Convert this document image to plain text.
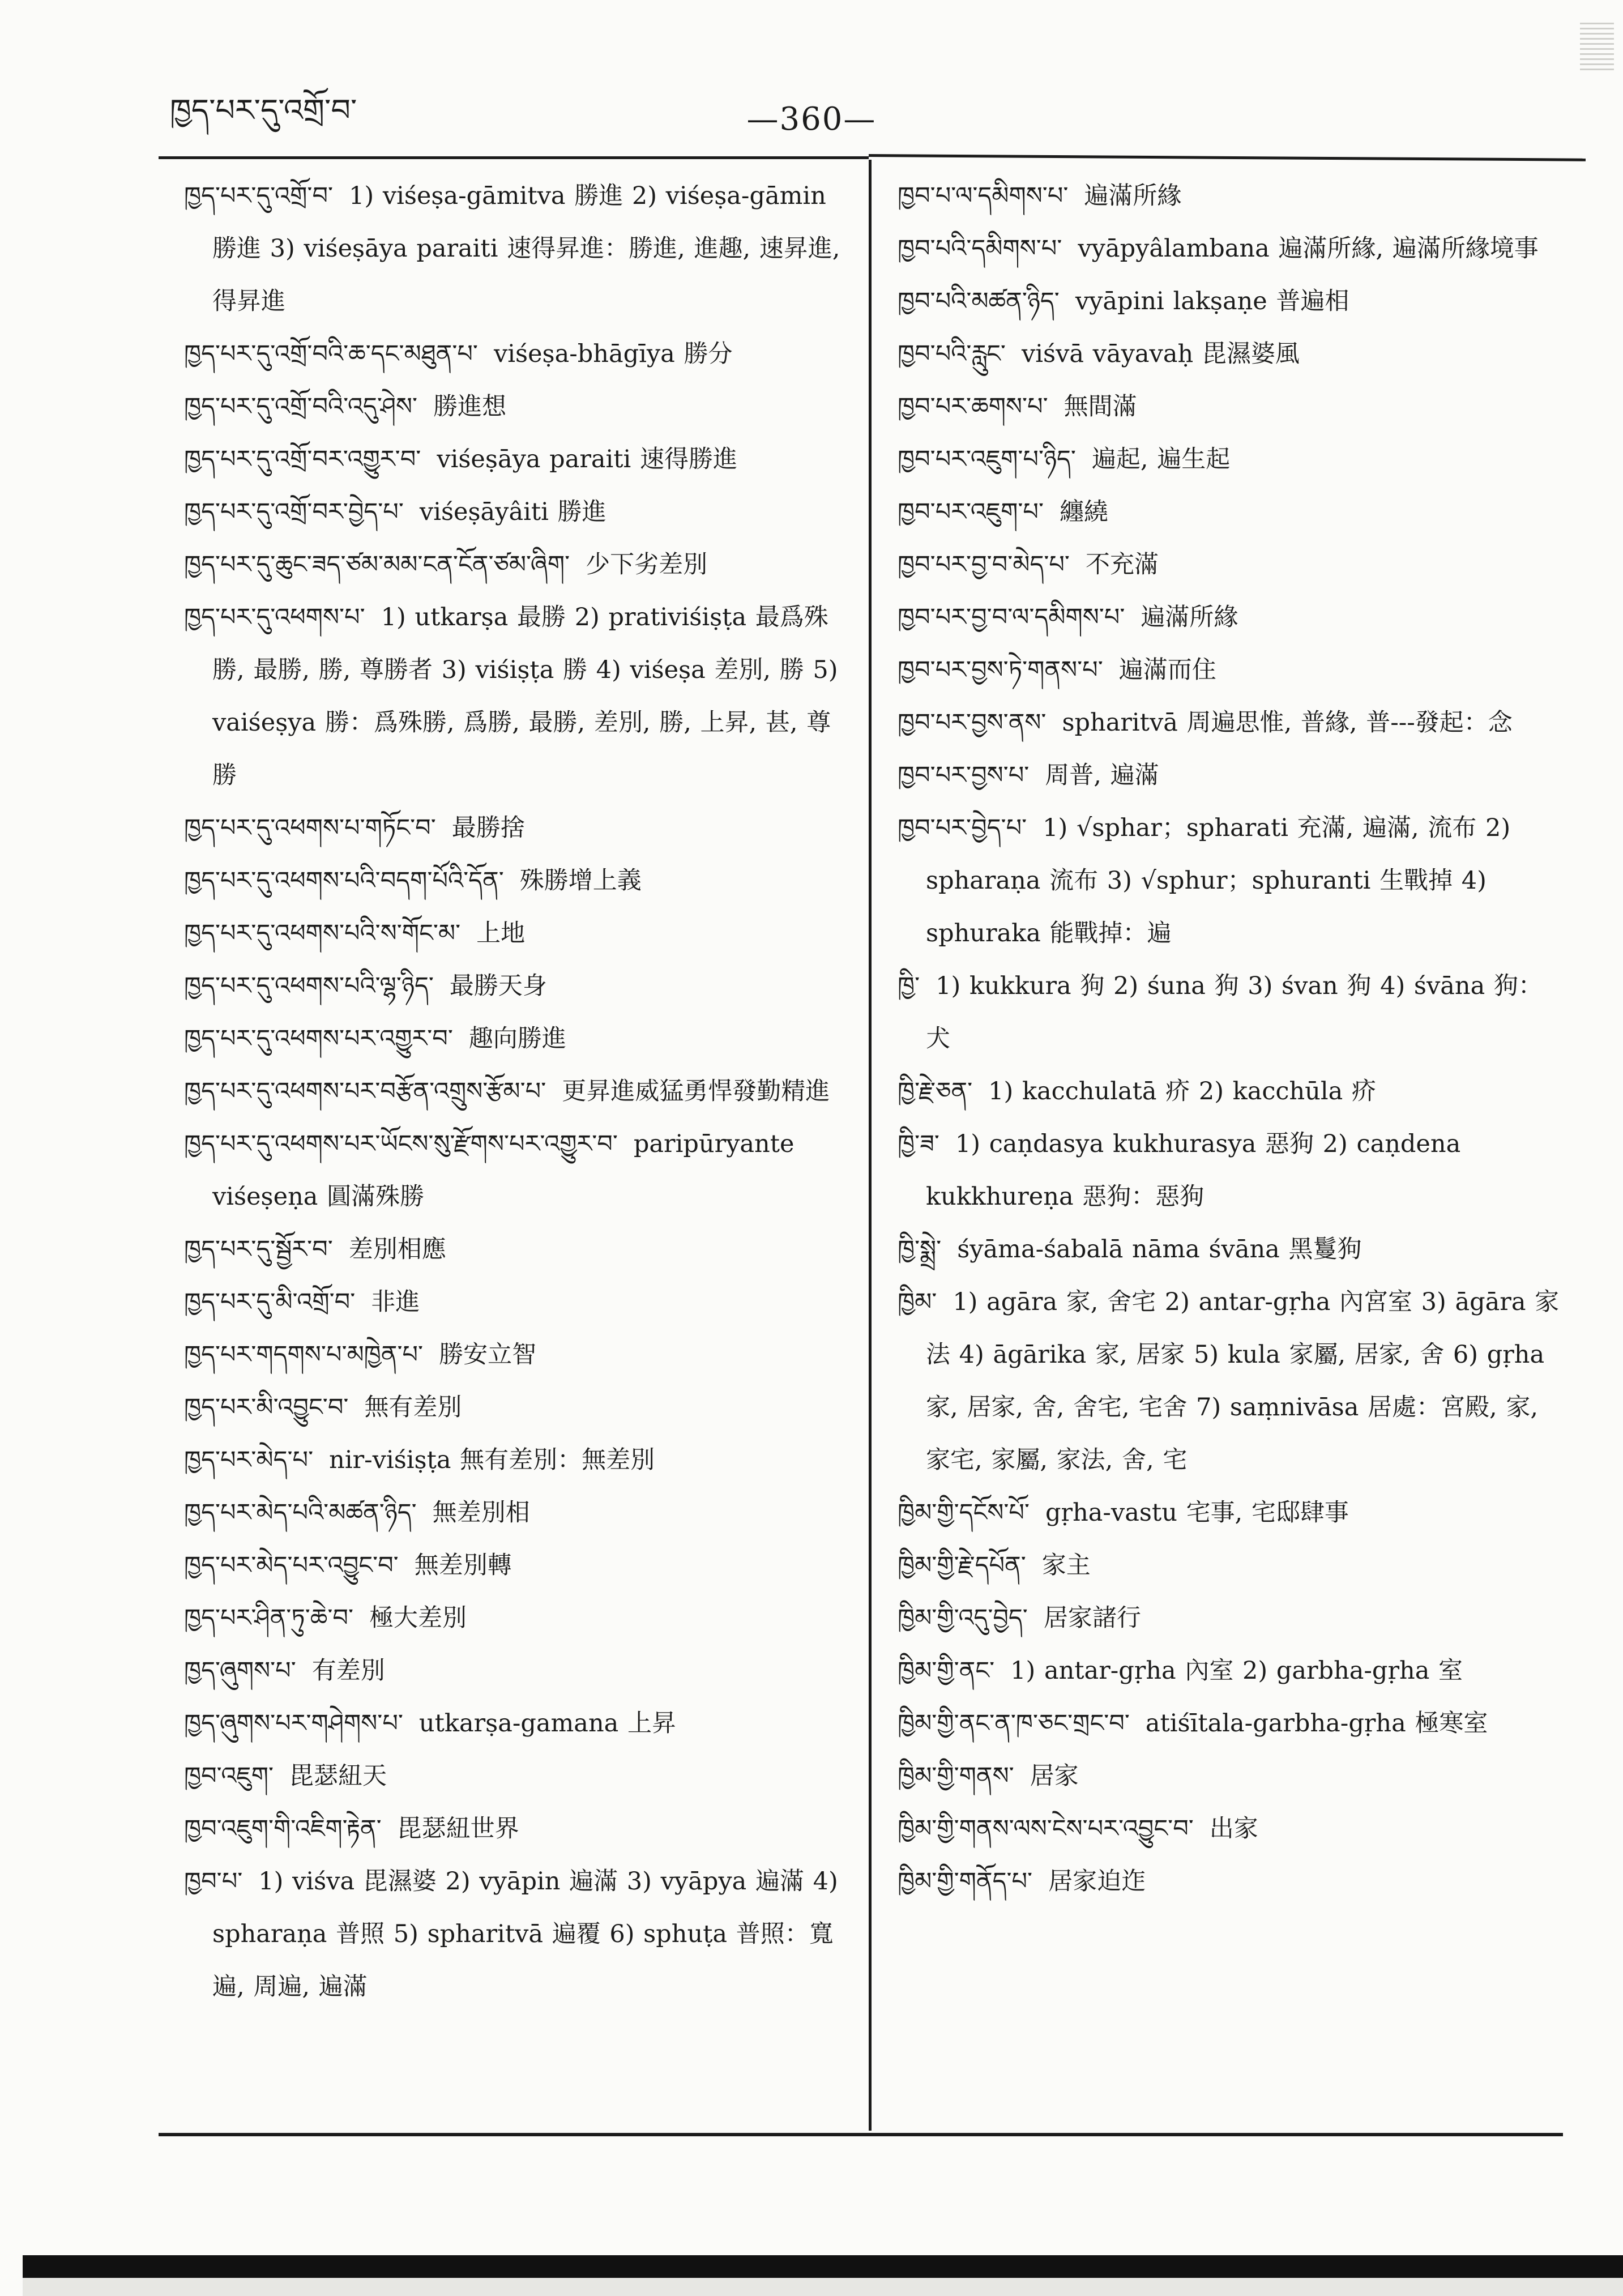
ཁྱད་པར་དུ་འགྲོ་བ་	—360—

ཁྱད་པར་དུ་འགྲོ་བ་ 1) viśeṣa-gāmitva 勝進 2) viśeṣa-gāmin 勝進 3) viśeṣāya paraiti 速得昇進：勝進, 進趣, 速昇進, 得昇進

ཁྱད་པར་དུ་འགྲོ་བའི་ཆ་དང་མཐུན་པ་ viśeṣa-bhāgīya 勝分

ཁྱད་པར་དུ་འགྲོ་བའི་འདུ་ཤེས་ 勝進想

ཁྱད་པར་དུ་འགྲོ་བར་འགྱུར་བ་ viśeṣāya paraiti 速得勝進

ཁྱད་པར་དུ་འགྲོ་བར་བྱེད་པ་ viśeṣāyâiti 勝進

ཁྱད་པར་དུ་ཆུང་ཟད་ཙམ་མམ་ངན་ངོན་ཙམ་ཞིག་ 少下劣差別

ཁྱད་པར་དུ་འཕགས་པ་ 1) utkarṣa 最勝 2) prativiśiṣṭa 最爲殊勝, 最勝, 勝, 尊勝者 3) viśiṣṭa 勝 4) viśeṣa 差別, 勝 5) vaiśeṣya 勝：爲殊勝, 爲勝, 最勝, 差別, 勝, 上昇, 甚, 尊勝

ཁྱད་པར་དུ་འཕགས་པ་གཏོང་བ་ 最勝捨

ཁྱད་པར་དུ་འཕགས་པའི་བདག་པོའི་དོན་ 殊勝增上義

ཁྱད་པར་དུ་འཕགས་པའི་ས་གོང་མ་ 上地

ཁྱད་པར་དུ་འཕགས་པའི་ལྷ་ཉིད་ 最勝天身

ཁྱད་པར་དུ་འཕགས་པར་འགྱུར་བ་ 趣向勝進

ཁྱད་པར་དུ་འཕགས་པར་བརྩོན་འགྲུས་རྩོམ་པ་ 更昇進威猛勇悍發勤精進

ཁྱད་པར་དུ་འཕགས་པར་ཡོངས་སུ་རྫོགས་པར་འགྱུར་བ་ paripūryante viśeṣeṇa 圓滿殊勝

ཁྱད་པར་དུ་སྦྱོར་བ་ 差別相應

ཁྱད་པར་དུ་མི་འགྲོ་བ་ 非進

ཁྱད་པར་གདགས་པ་མཁྱེན་པ་ 勝安立智

ཁྱད་པར་མི་འབྱུང་བ་ 無有差別

ཁྱད་པར་མེད་པ་ nir-viśiṣṭa 無有差別：無差別

ཁྱད་པར་མེད་པའི་མཚན་ཉིད་ 無差別相

ཁྱད་པར་མེད་པར་འབྱུང་བ་ 無差別轉

ཁྱད་པར་ཤིན་ཏུ་ཆེ་བ་ 極大差別

ཁྱད་ཞུགས་པ་ 有差別

ཁྱད་ཞུགས་པར་གཤེགས་པ་ utkarṣa-gamana 上昇

ཁྱབ་འཇུག་ 毘瑟紐天

ཁྱབ་འཇུག་གི་འཇིག་རྟེན་ 毘瑟紐世界

ཁྱབ་པ་ 1) viśva 毘濕婆 2) vyāpin 遍滿 3) vyāpya 遍滿 4) spharaṇa 普照 5) spharitvā 遍覆 6) sphuṭa 普照：寬遍, 周遍, 遍滿

ཁྱབ་པ་ལ་དམིགས་པ་ 遍滿所緣

ཁྱབ་པའི་དམིགས་པ་ vyāpyâlambana 遍滿所緣, 遍滿所緣境事

ཁྱབ་པའི་མཚན་ཉིད་ vyāpini lakṣaṇe 普遍相

ཁྱབ་པའི་རླུང་ viśvā vāyavaḥ 毘濕婆風

ཁྱབ་པར་ཆགས་པ་ 無間滿

ཁྱབ་པར་འཇུག་པ་ཉིད་ 遍起, 遍生起

ཁྱབ་པར་འཇུག་པ་ 纏繞

ཁྱབ་པར་བྱ་བ་མེད་པ་ 不充滿

ཁྱབ་པར་བྱ་བ་ལ་དམིགས་པ་ 遍滿所緣

ཁྱབ་པར་བྱས་ཏེ་གནས་པ་ 遍滿而住

ཁྱབ་པར་བྱས་ནས་ spharitvā 周遍思惟, 普緣, 普---發起：念

ཁྱབ་པར་བྱས་པ་ 周普, 遍滿

ཁྱབ་པར་བྱེད་པ་ 1) √sphar；spharati 充滿, 遍滿, 流布 2) spharaṇa 流布 3) √sphur；sphuranti 生戰掉 4) sphuraka 能戰掉：遍

ཁྱི་ 1) kukkura 狗 2) śuna 狗 3) śvan 狗 4) śvāna 狗：犬

ཁྱི་རྗེ་ཅན་ 1) kacchulatā 疥 2) kacchūla 疥

ཁྱི་ཟ་ 1) caṇdasya kukhurasya 惡狗 2) caṇdena kukkhureṇa 惡狗：惡狗

ཁྱི་སྨྲེ་ śyāma-śabalā nāma śvāna 黑鬘狗

ཁྱིམ་ 1) agāra 家, 舍宅 2) antar-gṛha 內宮室 3) āgāra 家法 4) āgārika 家, 居家 5) kula 家屬, 居家, 舍 6) gṛha 家, 居家, 舍, 舍宅, 宅舍 7) saṃnivāsa 居處：宮殿, 家, 家宅, 家屬, 家法, 舍, 宅

ཁྱིམ་གྱི་དངོས་པོ་ gṛha-vastu 宅事, 宅邸肆事

ཁྱིམ་གྱི་རྗེ་དཔོན་ 家主

ཁྱིམ་གྱི་འདུ་བྱེད་ 居家諸行

ཁྱིམ་གྱི་ནང་ 1) antar-gṛha 內室 2) garbha-gṛha 室

ཁྱིམ་གྱི་ནང་ན་ཁ་ཅང་གྲང་བ་ atiśītala-garbha-gṛha 極寒室

ཁྱིམ་གྱི་གནས་ 居家

ཁྱིམ་གྱི་གནས་ལས་ངེས་པར་འབྱུང་བ་ 出家

ཁྱིམ་གྱི་གནོད་པ་ 居家迫迮
